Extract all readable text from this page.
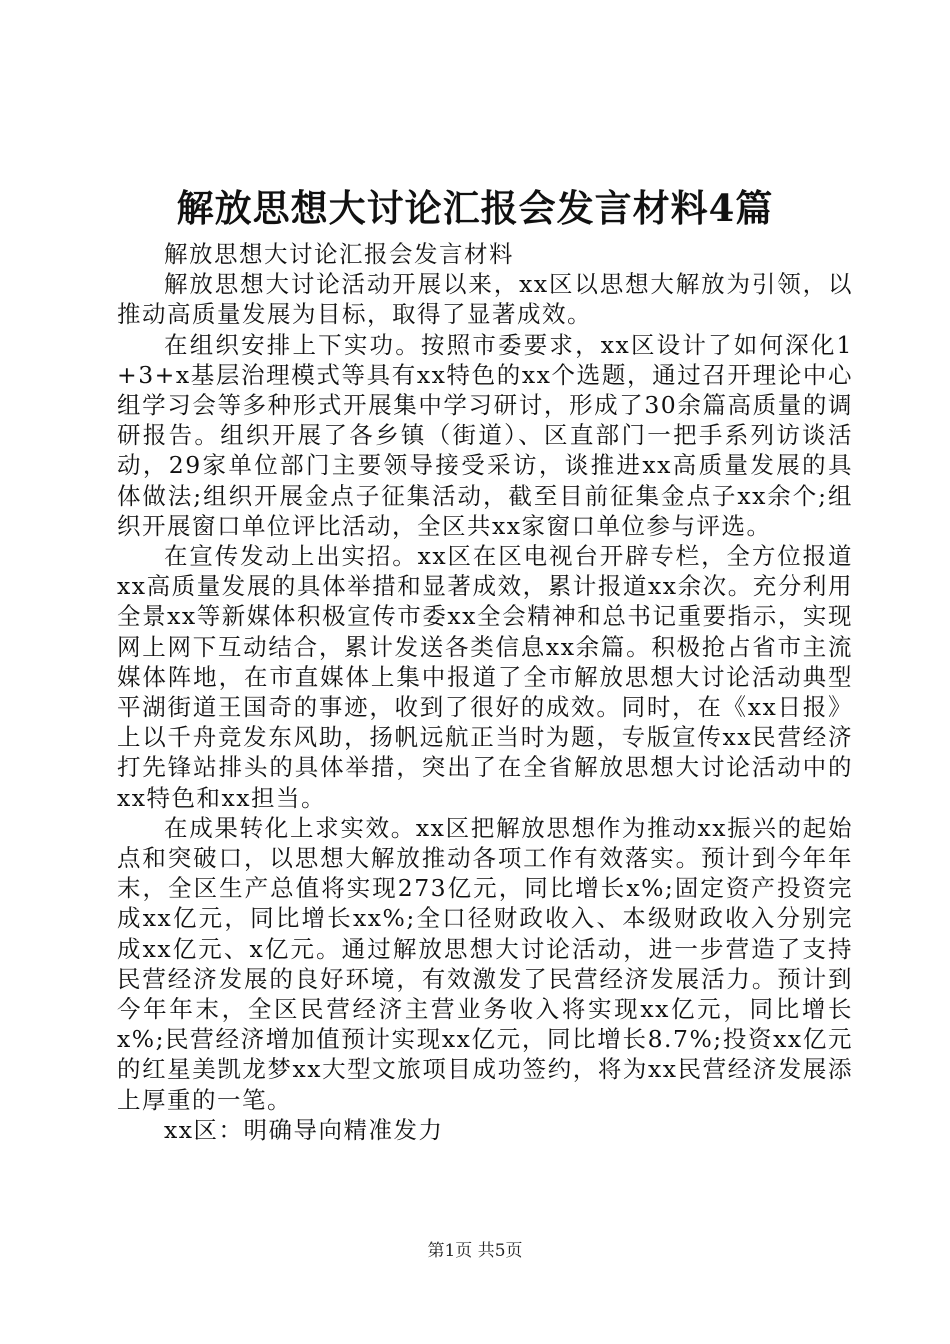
解放思想大讨论汇报会发言材料4篇

解放思想大讨论汇报会发言材料

解放思想大讨论活动开展以来，xx区以思想大解放为引领，以推动高质量发展为目标，取得了显著成效。

在组织安排上下实功。按照市委要求，xx区设计了如何深化1+3+x基层治理模式等具有xx特色的xx个选题，通过召开理论中心组学习会等多种形式开展集中学习研讨，形成了30余篇高质量的调研报告。组织开展了各乡镇（街道）、区直部门一把手系列访谈活动，29家单位部门主要领导接受采访，谈推进xx高质量发展的具体做法;组织开展金点子征集活动，截至目前征集金点子xx余个;组织开展窗口单位评比活动，全区共xx家窗口单位参与评选。

在宣传发动上出实招。xx区在区电视台开辟专栏，全方位报道xx高质量发展的具体举措和显著成效，累计报道xx余次。充分利用全景xx等新媒体积极宣传市委xx全会精神和总书记重要指示，实现网上网下互动结合，累计发送各类信息xx余篇。积极抢占省市主流媒体阵地，在市直媒体上集中报道了全市解放思想大讨论活动典型平湖街道王国奇的事迹，收到了很好的成效。同时，在《xx日报》上以千舟竞发东风助，扬帆远航正当时为题，专版宣传xx民营经济打先锋站排头的具体举措，突出了在全省解放思想大讨论活动中的xx特色和xx担当。

在成果转化上求实效。xx区把解放思想作为推动xx振兴的起始点和突破口，以思想大解放推动各项工作有效落实。预计到今年年末，全区生产总值将实现273亿元，同比增长x%;固定资产投资完成xx亿元，同比增长xx%;全口径财政收入、本级财政收入分别完成xx亿元、x亿元。通过解放思想大讨论活动，进一步营造了支持民营经济发展的良好环境，有效激发了民营经济发展活力。预计到今年年末，全区民营经济主营业务收入将实现xx亿元，同比增长x%;民营经济增加值预计实现xx亿元，同比增长8.7%;投资xx亿元的红星美凯龙梦xx大型文旅项目成功签约，将为xx民营经济发展添上厚重的一笔。

xx区：明确导向精准发力

第1页 共5页
